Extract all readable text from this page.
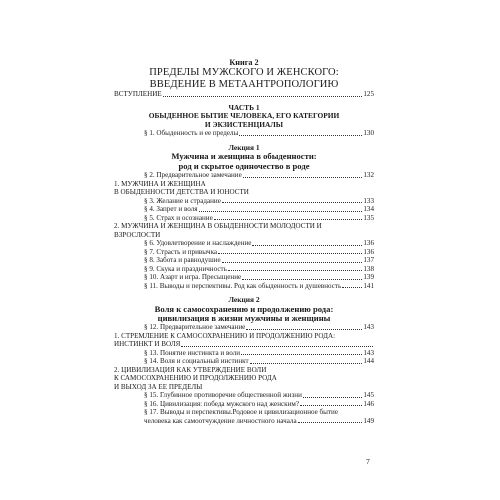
Книга 2
ПРЕДЕЛЫ МУЖСКОГО И ЖЕНСКОГО:
ВВЕДЕНИЕ В МЕТААНТРОПОЛОГИЮ
ВСТУПЛЕНИЕ	125
ЧАСТЬ 1
ОБЫДЕННОЕ БЫТИЕ ЧЕЛОВЕКА, ЕГО КАТЕГОРИИ
И ЭКЗИСТЕНЦИАЛЫ
§ 1. Обыденность и ее пределы	130
Лекция 1
Мужчина и женщина в обыденности:
род и скрытое одиночество в роде
§ 2. Предварительное замечание	132
1. МУЖЧИНА И ЖЕНЩИНА
В ОБЫДЕННОСТИ ДЕТСТВА И ЮНОСТИ
§ 3. Желание и страдание	133
§ 4. Запрет и воля	134
§ 5. Страх и осознание	135
2. МУЖЧИНА И ЖЕНЩИНА В ОБЫДЕННОСТИ МОЛОДОСТИ И
ВЗРОСЛОСТИ
§ 6. Удовлетворение и наслаждение	136
§ 7. Страсть и привычка	136
§ 8. Забота и равнодушие	137
§ 9. Скука и праздничность	138
§ 10. Азарт и игра. Пресыщение	139
§ 11. Выводы и перспективы. Род как обыденность и душевность	141
Лекция 2
Воля к самосохранению и продолжению рода:
цивилизация в жизни мужчины и женщины
§ 12. Предварительное замечание	143
1. СТРЕМЛЕНИЕ К САМОСОХРАНЕНИЮ И ПРОДОЛЖЕНИЮ РОДА:
ИНСТИНКТ И ВОЛЯ
§ 13. Понятие инстинкта и воли	143
§ 14. Воля и социальный инстинкт	144
2. ЦИВИЛИЗАЦИЯ КАК УТВЕРЖДЕНИЕ ВОЛИ
К САМОСОХРАНЕНИЮ И ПРОДОЛЖЕНИЮ РОДА
И ВЫХОД ЗА ЕЕ ПРЕДЕЛЫ
§ 15. Глубинное противоречие общественной жизни	145
§ 16. Цивилизация: победа мужского над женским?	146
§ 17. Выводы и перспективы.Родовое и цивилизационное бытие
человека как самоотчуждение личностного начала	149
7
